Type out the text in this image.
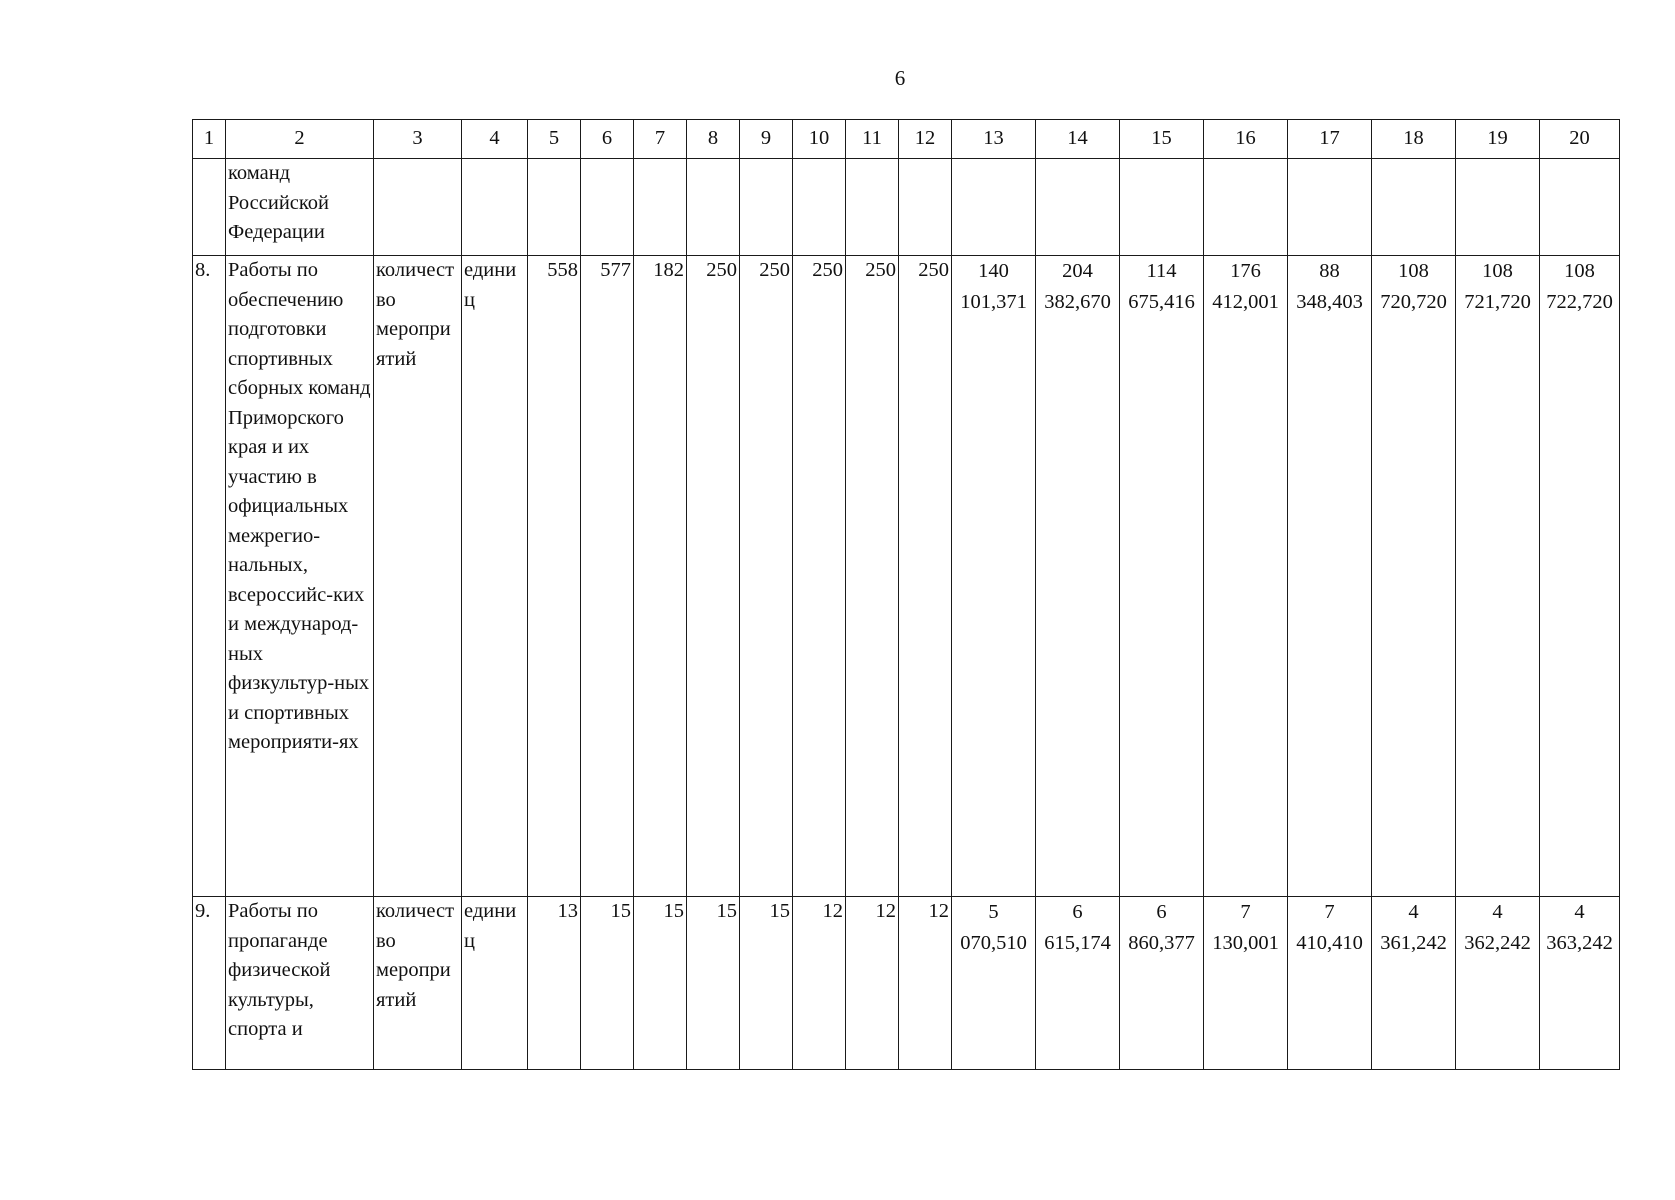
6
1	2	3	4	5	6	7	8	9	10	11	12	13	14	15	16	17	18	19	20
	команд Российской Федерации																		
8.	Работы по обеспечению подготовки спортивных сборных команд Приморского края и их участию в официальных межрегио-нальных, всероссийс-ких и международ-ных физкультур-ных и спортивных мероприяти-ях	количество мероприятий	единиц	558	577	182	250	250	250	250	250	140 101,371	204 382,670	114 675,416	176 412,001	88 348,403	108 720,720	108 721,720	108 722,720
9.	Работы по пропаганде физической культуры, спорта и	количество мероприятий	единиц	13	15	15	15	15	12	12	12	5 070,510	6 615,174	6 860,377	7 130,001	7 410,410	4 361,242	4 362,242	4 363,242
